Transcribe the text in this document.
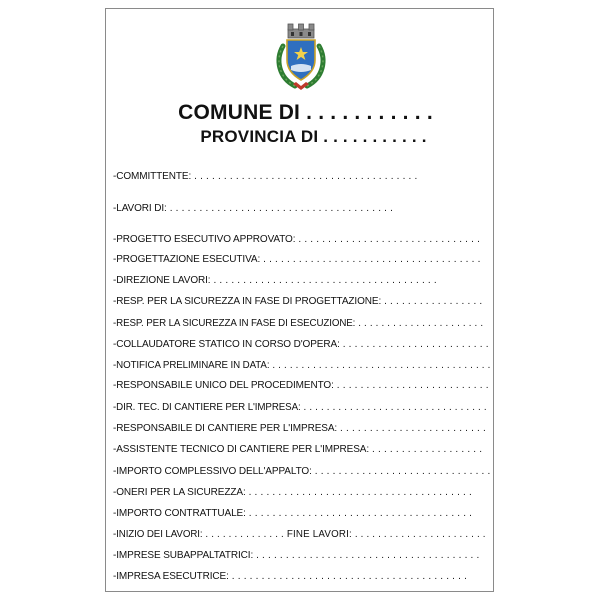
COMUNE DI . . . . . . . . . . .
PROVINCIA DI . . . . . . . . . . .
-COMMITTENTE: . . . . . . . . . . . . . . . . . . . . . . . . . . . . . . . . . . . . . .
-LAVORI DI: . . . . . . . . . . . . . . . . . . . . . . . . . . . . . . . . . . . . . .
-PROGETTO ESECUTIVO APPROVATO: . . . . . . . . . . . . . . . . . . . . . . . . . . . . . . .
-PROGETTAZIONE ESECUTIVA: . . . . . . . . . . . . . . . . . . . . . . . . . . . . . . . . . . . . .
-DIREZIONE LAVORI: . . . . . . . . . . . . . . . . . . . . . . . . . . . . . . . . . . . . . .
-RESP. PER LA SICUREZZA IN FASE DI PROGETTAZIONE: . . . . . . . . . . . . . . . . .
-RESP. PER LA SICUREZZA IN FASE DI ESECUZIONE: . . . . . . . . . . . . . . . . . . . . . .
-COLLAUDATORE STATICO IN CORSO D'OPERA: . . . . . . . . . . . . . . . . . . . . . . . . .
-NOTIFICA PRELIMINARE IN DATA: . . . . . . . . . . . . . . . . . . . . . . . . . . . . . . . . . . . . . .
-RESPONSABILE UNICO DEL PROCEDIMENTO: . . . . . . . . . . . . . . . . . . . . . . . . . .
-DIR. TEC. DI CANTIERE PER L'IMPRESA: . . . . . . . . . . . . . . . . . . . . . . . . . . . . . . . .
-RESPONSABILE DI CANTIERE PER L'IMPRESA: . . . . . . . . . . . . . . . . . . . . . . . . .
-ASSISTENTE TECNICO DI CANTIERE PER L'IMPRESA: . . . . . . . . . . . . . . . . . . .
-IMPORTO COMPLESSIVO DELL'APPALTO: . . . . . . . . . . . . . . . . . . . . . . . . . . . . . .
-ONERI PER LA SICUREZZA: . . . . . . . . . . . . . . . . . . . . . . . . . . . . . . . . . . . . . .
-IMPORTO CONTRATTUALE: . . . . . . . . . . . . . . . . . . . . . . . . . . . . . . . . . . . . . .
-INIZIO DEI LAVORI: . . . . . . . . . . . . . . FINE LAVORI: . . . . . . . . . . . . . . . . . . . . . . .
-IMPRESE SUBAPPALTATRICI: . . . . . . . . . . . . . . . . . . . . . . . . . . . . . . . . . . . . . .
-IMPRESA ESECUTRICE: . . . . . . . . . . . . . . . . . . . . . . . . . . . . . . . . . . . . . . . .
